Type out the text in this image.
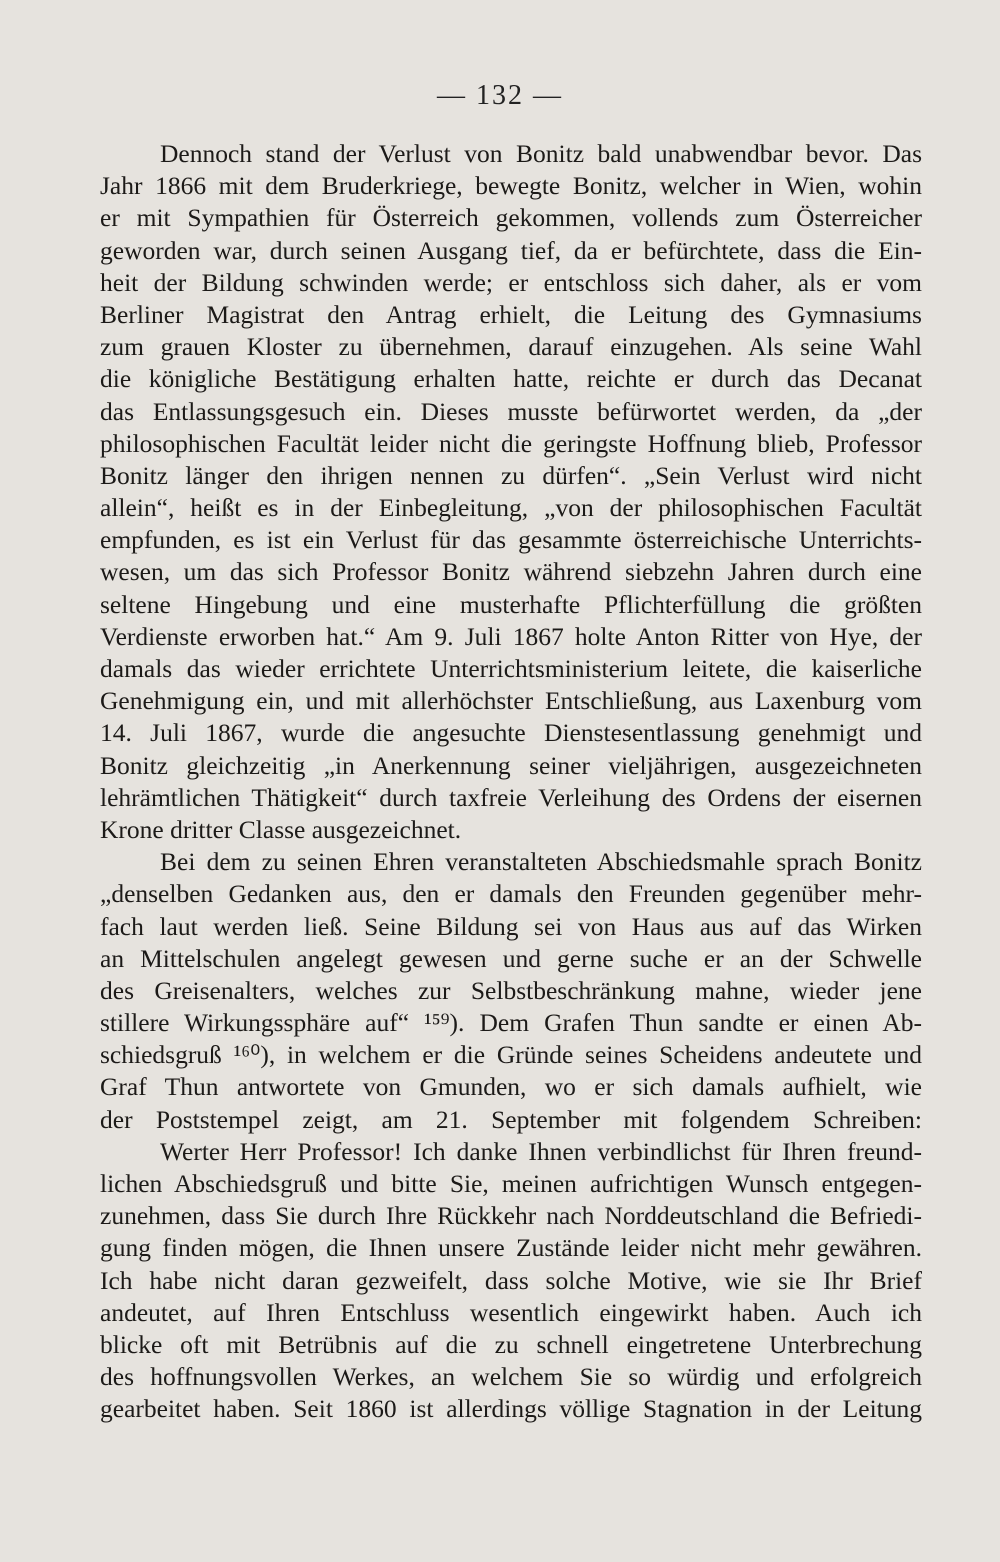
— 132 —
Dennoch stand der Verlust von Bonitz bald unabwendbar bevor. Das
Jahr 1866 mit dem Bruderkriege, bewegte Bonitz, welcher in Wien, wohin
er mit Sympathien für Österreich gekommen, vollends zum Österreicher
geworden war, durch seinen Ausgang tief, da er befürchtete, dass die Ein-
heit der Bildung schwinden werde; er entschloss sich daher, als er vom
Berliner Magistrat den Antrag erhielt, die Leitung des Gymnasiums
zum grauen Kloster zu übernehmen, darauf einzugehen. Als seine Wahl
die königliche Bestätigung erhalten hatte, reichte er durch das Decanat
das Entlassungsgesuch ein. Dieses musste befürwortet werden, da „der
philosophischen Facultät leider nicht die geringste Hoffnung blieb, Professor
Bonitz länger den ihrigen nennen zu dürfen“. „Sein Verlust wird nicht
allein“, heißt es in der Einbegleitung, „von der philosophischen Facultät
empfunden, es ist ein Verlust für das gesammte österreichische Unterrichts-
wesen, um das sich Professor Bonitz während siebzehn Jahren durch eine
seltene Hingebung und eine musterhafte Pflichterfüllung die größten
Verdienste erworben hat.“ Am 9. Juli 1867 holte Anton Ritter von Hye, der
damals das wieder errichtete Unterrichtsministerium leitete, die kaiserliche
Genehmigung ein, und mit allerhöchster Entschließung, aus Laxenburg vom
14. Juli 1867, wurde die angesuchte Dienstesentlassung genehmigt und
Bonitz gleichzeitig „in Anerkennung seiner vieljährigen, ausgezeichneten
lehrämtlichen Thätigkeit“ durch taxfreie Verleihung des Ordens der eisernen
Krone dritter Classe ausgezeichnet.
Bei dem zu seinen Ehren veranstalteten Abschiedsmahle sprach Bonitz
„denselben Gedanken aus, den er damals den Freunden gegenüber mehr-
fach laut werden ließ. Seine Bildung sei von Haus aus auf das Wirken
an Mittelschulen angelegt gewesen und gerne suche er an der Schwelle
des Greisenalters, welches zur Selbstbeschränkung mahne, wieder jene
stillere Wirkungssphäre auf“ ¹⁵⁹). Dem Grafen Thun sandte er einen Ab-
schiedsgruß ¹⁶⁰), in welchem er die Gründe seines Scheidens andeutete und
Graf Thun antwortete von Gmunden, wo er sich damals aufhielt, wie
der Poststempel zeigt, am 21. September mit folgendem Schreiben:
Werter Herr Professor! Ich danke Ihnen verbindlichst für Ihren freund-
lichen Abschiedsgruß und bitte Sie, meinen aufrichtigen Wunsch entgegen-
zunehmen, dass Sie durch Ihre Rückkehr nach Norddeutschland die Befriedi-
gung finden mögen, die Ihnen unsere Zustände leider nicht mehr gewähren.
Ich habe nicht daran gezweifelt, dass solche Motive, wie sie Ihr Brief
andeutet, auf Ihren Entschluss wesentlich eingewirkt haben. Auch ich
blicke oft mit Betrübnis auf die zu schnell eingetretene Unterbrechung
des hoffnungsvollen Werkes, an welchem Sie so würdig und erfolgreich
gearbeitet haben. Seit 1860 ist allerdings völlige Stagnation in der Leitung
